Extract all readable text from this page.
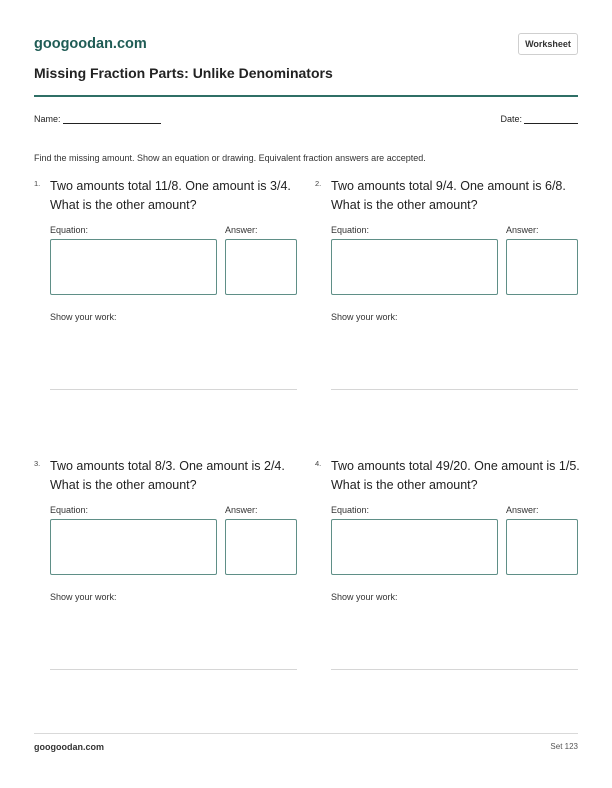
googoodan.com	Worksheet
Missing Fraction Parts: Unlike Denominators
Name:	Date:
Find the missing amount. Show an equation or drawing. Equivalent fraction answers are accepted.
1. Two amounts total 11/8. One amount is 3/4. What is the other amount?
Equation:	Answer:
Show your work:
2. Two amounts total 9/4. One amount is 6/8. What is the other amount?
Equation:	Answer:
Show your work:
3. Two amounts total 8/3. One amount is 2/4. What is the other amount?
Equation:	Answer:
Show your work:
4. Two amounts total 49/20. One amount is 1/5. What is the other amount?
Equation:	Answer:
Show your work:
googoodan.com	Set 123
